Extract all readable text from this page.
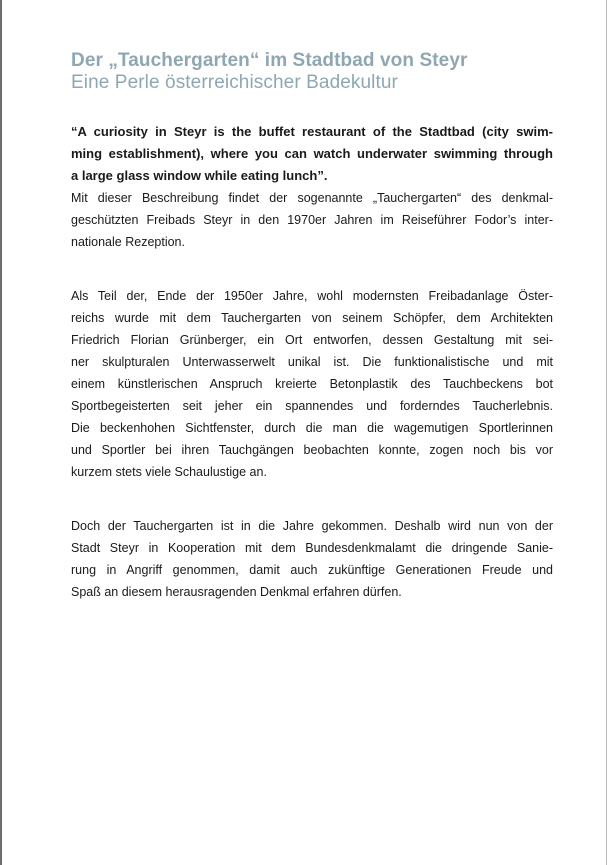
Der „Tauchergarten“ im Stadtbad von Steyr
Eine Perle österreichischer Badekultur
“A curiosity in Steyr is the buffet restaurant of the Stadtbad (city swim-
ming establishment), where you can watch underwater swimming through
a large glass window while eating lunch”.
Mit dieser Beschreibung findet der sogenannte „Tauchergarten“ des denkmal-
geschützten Freibads Steyr in den 1970er Jahren im Reiseführer Fodor’s inter-
nationale Rezeption.
Als Teil der, Ende der 1950er Jahre, wohl modernsten Freibadanlage Öster-
reichs wurde mit dem Tauchergarten von seinem Schöpfer, dem Architekten
Friedrich Florian Grünberger, ein Ort entworfen, dessen Gestaltung mit sei-
ner skulpturalen Unterwasserwelt unikal ist. Die funktionalistische und mit
einem künstlerischen Anspruch kreierte Betonplastik des Tauchbeckens bot
Sportbegeisterten seit jeher ein spannendes und forderndes Taucherlebnis.
Die beckenhohen Sichtfenster, durch die man die wagemutigen Sportlerinnen
und Sportler bei ihren Tauchgängen beobachten konnte, zogen noch bis vor
kurzem stets viele Schaulustige an.
Doch der Tauchergarten ist in die Jahre gekommen. Deshalb wird nun von der
Stadt Steyr in Kooperation mit dem Bundesdenkmalamt die dringende Sanie-
rung in Angriff genommen, damit auch zukünftige Generationen Freude und
Spaß an diesem herausragenden Denkmal erfahren dürfen.
